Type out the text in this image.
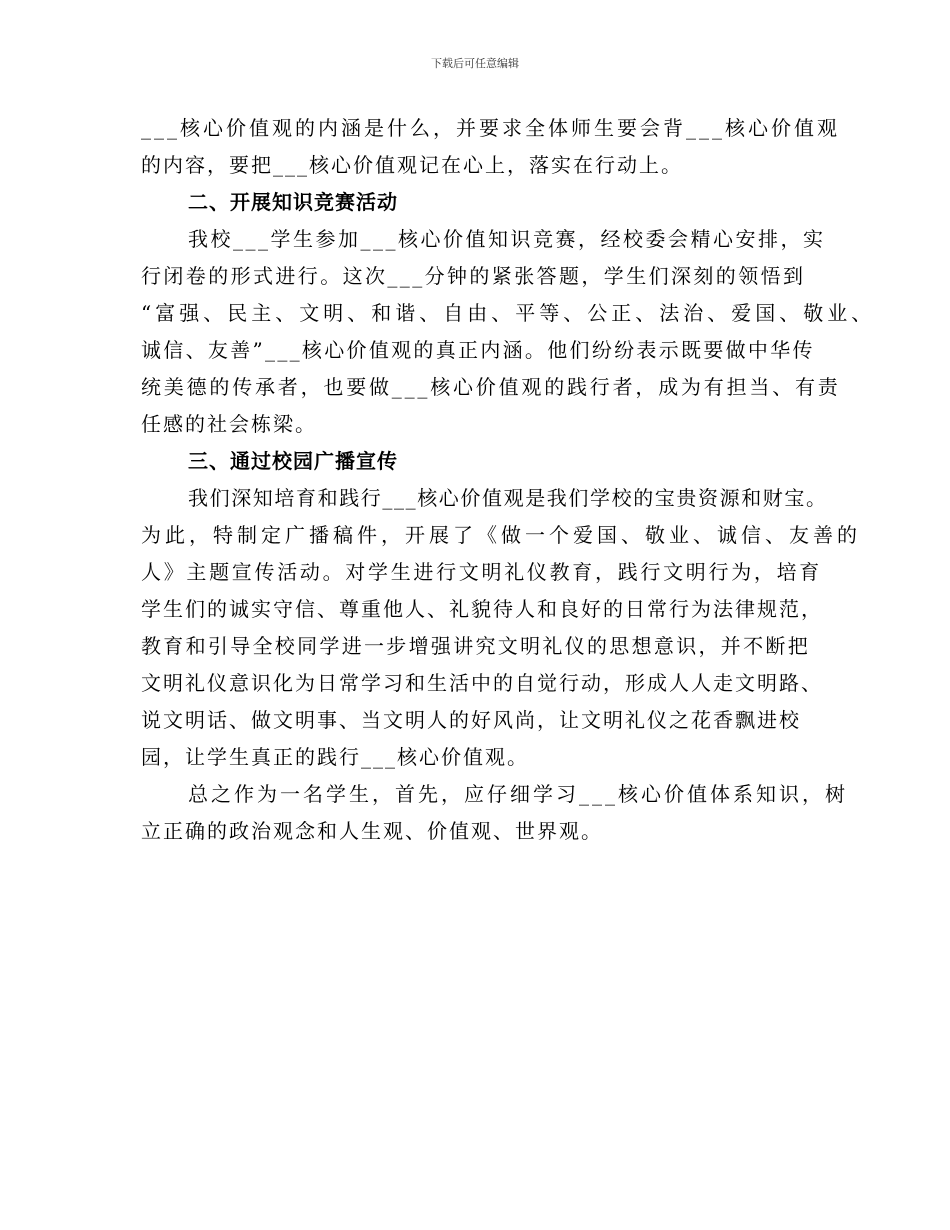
下载后可任意编辑
___核心价值观的内涵是什么，并要求全体师生要会背___核心价值观
的内容，要把___核心价值观记在心上，落实在行动上。
二、开展知识竞赛活动
我校___学生参加___核心价值知识竞赛，经校委会精心安排，实
行闭卷的形式进行。这次___分钟的紧张答题，学生们深刻的领悟到
“富强、民主、文明、和谐、自由、平等、公正、法治、爱国、敬业、
诚信、友善”___核心价值观的真正内涵。他们纷纷表示既要做中华传
统美德的传承者，也要做___核心价值观的践行者，成为有担当、有责
任感的社会栋梁。
三、通过校园广播宣传
我们深知培育和践行___核心价值观是我们学校的宝贵资源和财宝。
为此，特制定广播稿件，开展了《做一个爱国、敬业、诚信、友善的
人》主题宣传活动。对学生进行文明礼仪教育，践行文明行为，培育
学生们的诚实守信、尊重他人、礼貌待人和良好的日常行为法律规范，
教育和引导全校同学进一步增强讲究文明礼仪的思想意识，并不断把
文明礼仪意识化为日常学习和生活中的自觉行动，形成人人走文明路、
说文明话、做文明事、当文明人的好风尚，让文明礼仪之花香飘进校
园，让学生真正的践行___核心价值观。
总之作为一名学生，首先，应仔细学习___核心价值体系知识，树
立正确的政治观念和人生观、价值观、世界观。
